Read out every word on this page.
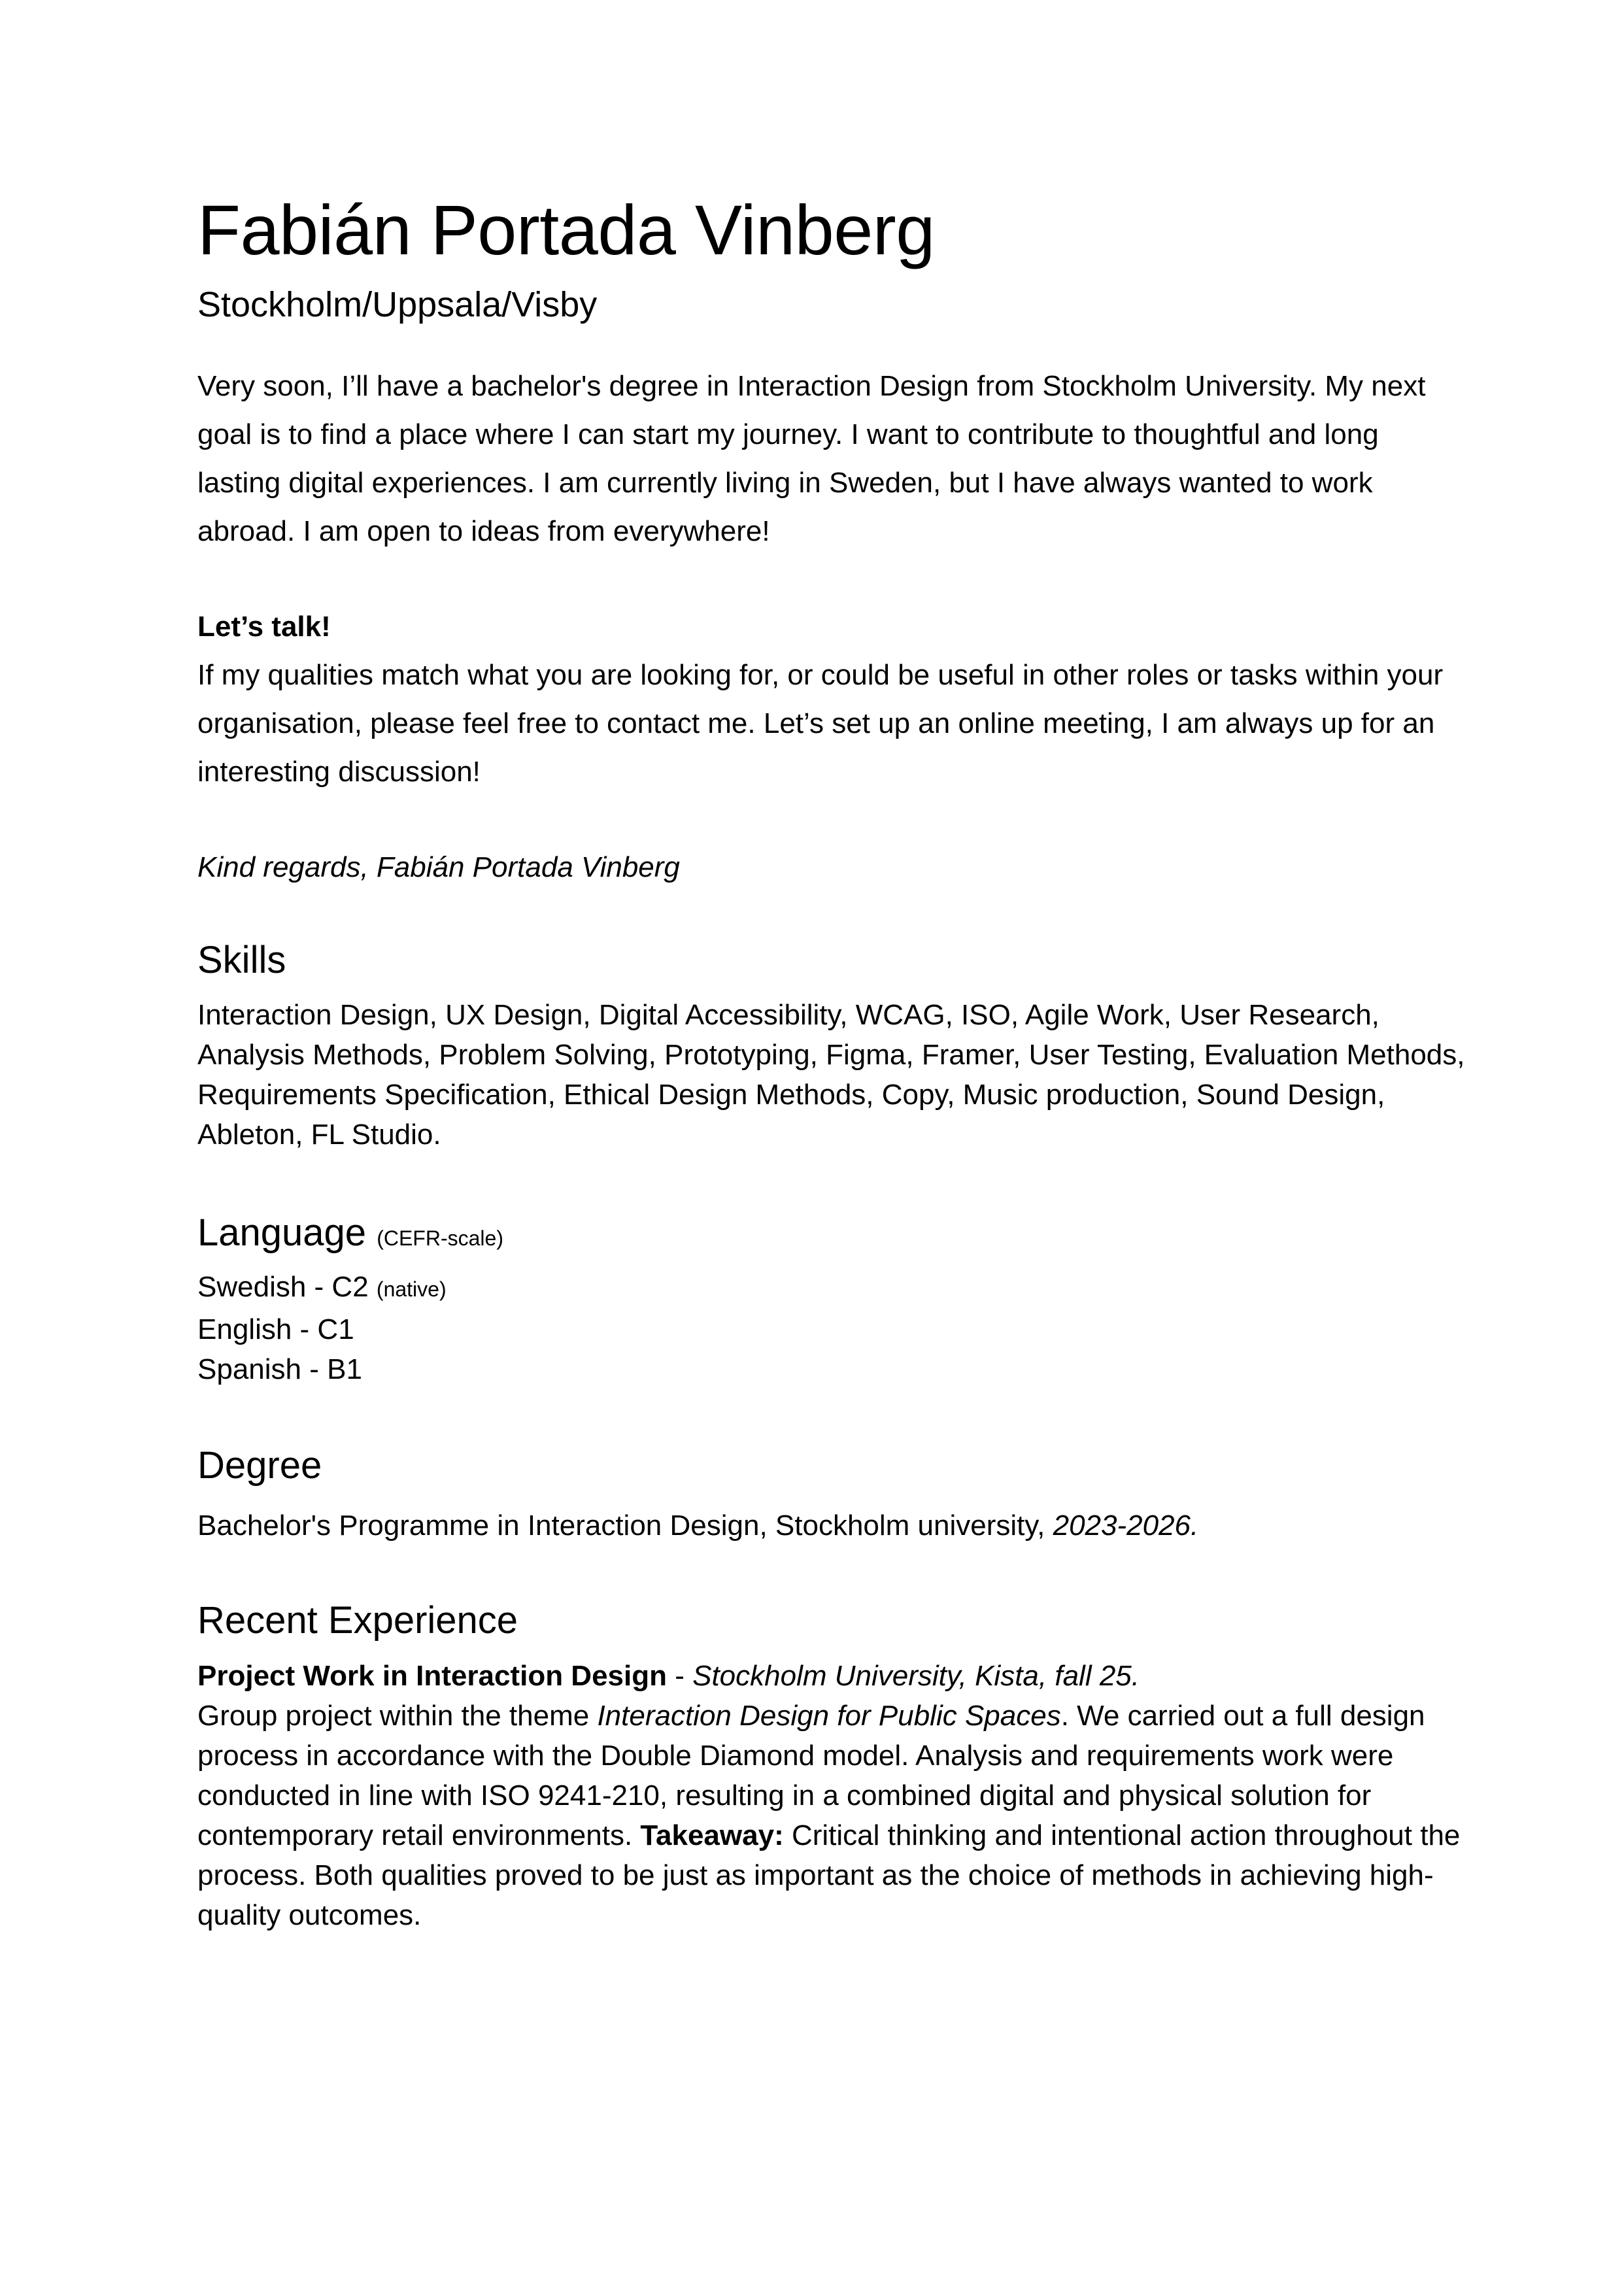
Fabián Portada Vinberg

Stockholm/Uppsala/Visby

Very soon, I’ll have a bachelor's degree in Interaction Design from Stockholm University. My next goal is to find a place where I can start my journey. I want to contribute to thoughtful and long lasting digital experiences. I am currently living in Sweden, but I have always wanted to work abroad. I am open to ideas from everywhere!

Let’s talk!

If my qualities match what you are looking for, or could be useful in other roles or tasks within your organisation, please feel free to contact me. Let’s set up an online meeting, I am always up for an interesting discussion!

Kind regards, Fabián Portada Vinberg

Skills

Interaction Design, UX Design, Digital Accessibility, WCAG, ISO, Agile Work, User Research, Analysis Methods, Problem Solving, Prototyping, Figma, Framer, User Testing, Evaluation Methods, Requirements Specification, Ethical Design Methods, Copy, Music production, Sound Design, Ableton, FL Studio.

Language (CEFR-scale)
Swedish - C2 (native)
English - C1
Spanish - B1
Degree

Bachelor's Programme in Interaction Design, Stockholm university, 2023-2026.

Recent Experience

Project Work in Interaction Design - Stockholm University, Kista, fall 25.
Group project within the theme Interaction Design for Public Spaces. We carried out a full design process in accordance with the Double Diamond model. Analysis and requirements work were conducted in line with ISO 9241-210, resulting in a combined digital and physical solution for contemporary retail environments. Takeaway: Critical thinking and intentional action throughout the process. Both qualities proved to be just as important as the choice of methods in achieving high-quality outcomes.
